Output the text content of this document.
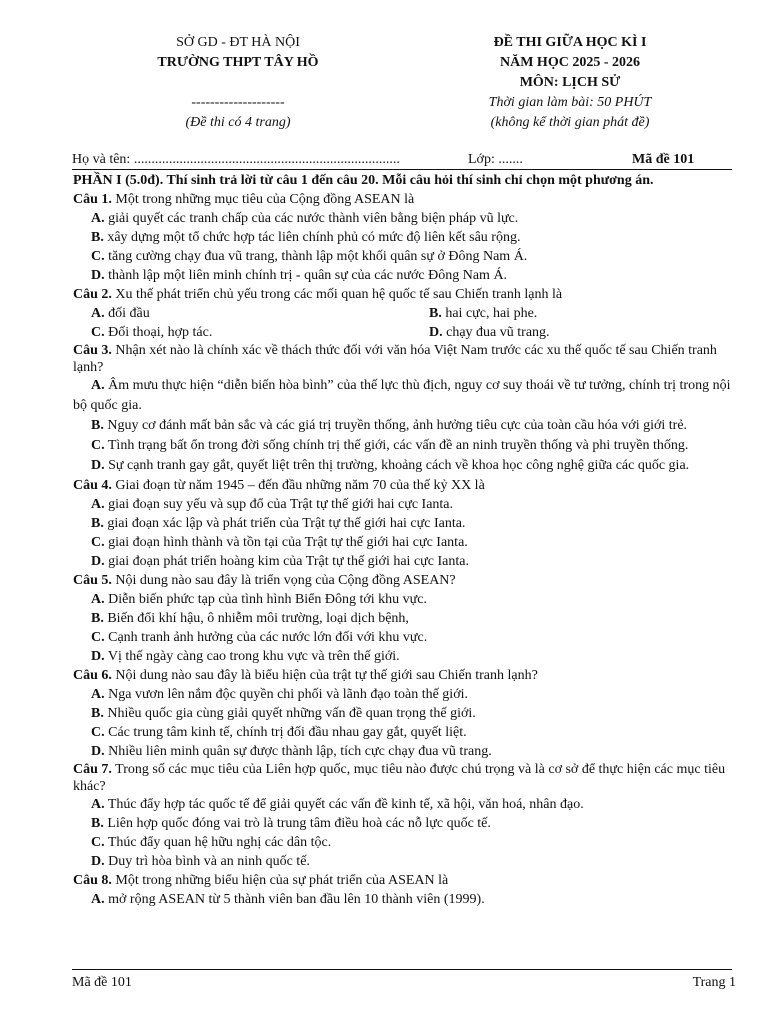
SỞ GD - ĐT HÀ NỘI
TRƯỜNG THPT TÂY HỒ
--------------------
(Đề thi có 4 trang)
ĐỀ THI GIỮA HỌC KÌ I
NĂM HỌC 2025 - 2026
MÔN: LỊCH SỬ
Thời gian làm bài: 50 PHÚT
(không kể thời gian phát đề)
Họ và tên: ............................................................................	Lớp: .......	Mã đề 101
PHẦN I (5.0đ). Thí sinh trả lời từ câu 1 đến câu 20. Mỗi câu hỏi thí sinh chỉ chọn một phương án.
Câu 1. Một trong những mục tiêu của Cộng đồng ASEAN là
A. giải quyết các tranh chấp của các nước thành viên bằng biện pháp vũ lực.
B. xây dựng một tổ chức hợp tác liên chính phủ có mức độ liên kết sâu rộng.
C. tăng cường chạy đua vũ trang, thành lập một khối quân sự ở Đông Nam Á.
D. thành lập một liên minh chính trị - quân sự của các nước Đông Nam Á.
Câu 2. Xu thế phát triển chủ yếu trong các mối quan hệ quốc tế sau Chiến tranh lạnh là
A. đối đầu	B. hai cực, hai phe.
C. Đối thoại, hợp tác.	D. chạy đua vũ trang.
Câu 3. Nhận xét nào là chính xác về thách thức đối với văn hóa Việt Nam trước các xu thế quốc tế sau Chiến tranh lạnh?
A. Âm mưu thực hiện “diễn biến hòa bình” của thế lực thù địch, nguy cơ suy thoái về tư tưởng, chính trị trong nội bộ quốc gia.
B. Nguy cơ đánh mất bản sắc và các giá trị truyền thống, ảnh hưởng tiêu cực của toàn cầu hóa với giới trẻ.
C. Tình trạng bất ổn trong đời sống chính trị thế giới, các vấn đề an ninh truyền thống và phi truyền thống.
D. Sự cạnh tranh gay gắt, quyết liệt trên thị trường, khoảng cách về khoa học công nghệ giữa các quốc gia.
Câu 4. Giai đoạn từ năm 1945 – đến đầu những năm 70 của thế kỷ XX là
A. giai đoạn suy yếu và sụp đổ của Trật tự thế giới hai cực Ianta.
B. giai đoạn xác lập và phát triển của Trật tự thế giới hai cực Ianta.
C. giai đoạn hình thành và tồn tại của Trật tự thế giới hai cực Ianta.
D. giai đoạn phát triển hoàng kim của Trật tự thế giới hai cực Ianta.
Câu 5. Nội dung nào sau đây là triển vọng của Cộng đồng ASEAN?
A. Diễn biến phức tạp của tình hình Biển Đông tới khu vực.
B. Biến đổi khí hậu, ô nhiễm môi trường, loại dịch bệnh,
C. Cạnh tranh ảnh hưởng của các nước lớn đối với khu vực.
D. Vị thế ngày càng cao trong khu vực và trên thế giới.
Câu 6. Nội dung nào sau đây là biểu hiện của trật tự thế giới sau Chiến tranh lạnh?
A. Nga vươn lên nắm độc quyền chi phối và lãnh đạo toàn thế giới.
B. Nhiều quốc gia cùng giải quyết những vấn đề quan trọng thế giới.
C. Các trung tâm kinh tế, chính trị đối đầu nhau gay gắt, quyết liệt.
D. Nhiều liên minh quân sự được thành lập, tích cực chạy đua vũ trang.
Câu 7. Trong số các mục tiêu của Liên hợp quốc, mục tiêu nào được chú trọng và là cơ sở để thực hiện các mục tiêu khác?
A. Thúc đẩy hợp tác quốc tế để giải quyết các vấn đề kinh tế, xã hội, văn hoá, nhân đạo.
B. Liên hợp quốc đóng vai trò là trung tâm điều hoà các nỗ lực quốc tế.
C. Thúc đẩy quan hệ hữu nghị các dân tộc.
D. Duy trì hòa bình và an ninh quốc tế.
Câu 8. Một trong những biểu hiện của sự phát triển của ASEAN là
A. mở rộng ASEAN từ 5 thành viên ban đầu lên 10 thành viên (1999).
Mã đề 101	Trang 1
